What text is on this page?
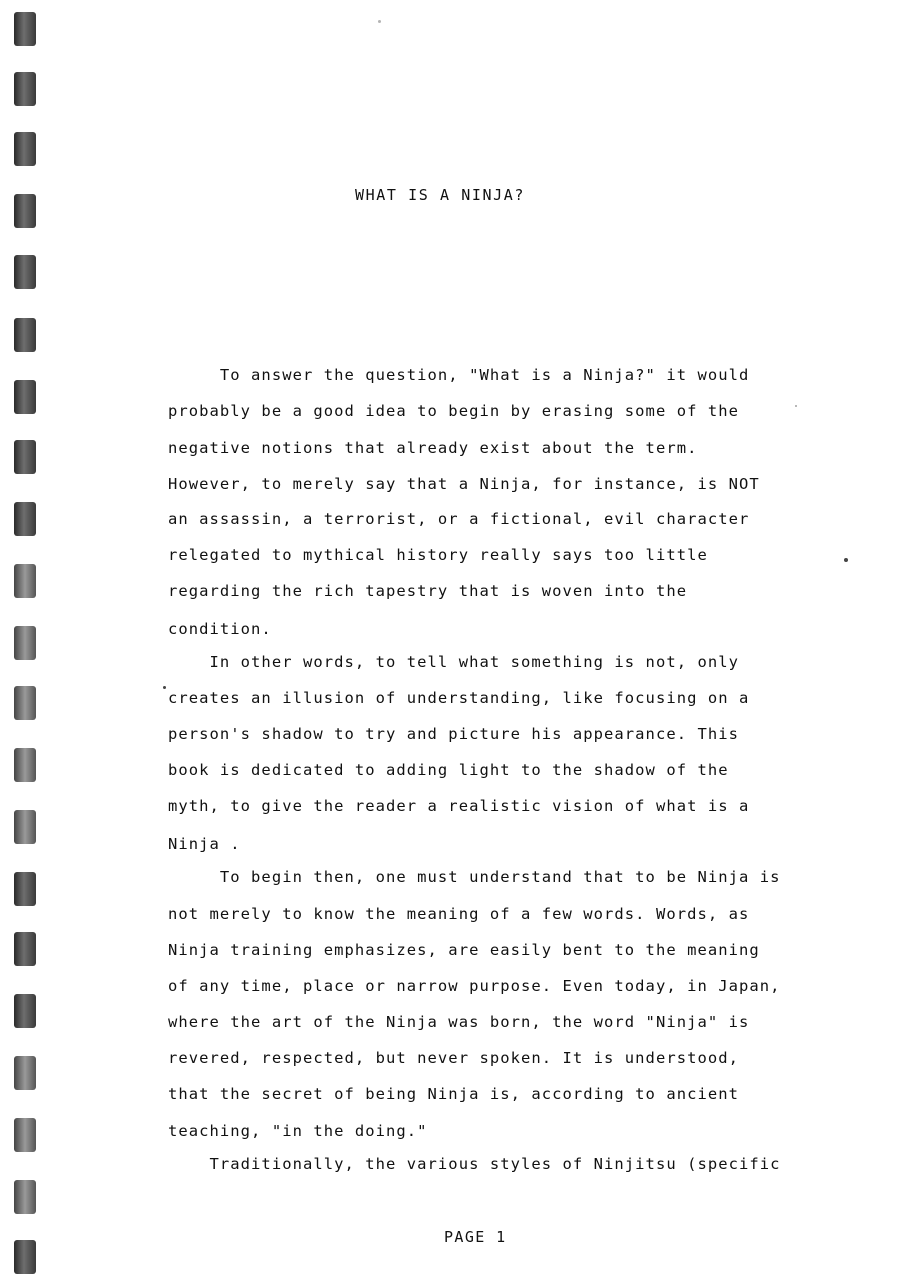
WHAT IS A NINJA?

To answer the question, "What is a Ninja?" it would

probably be a good idea to begin by erasing some of the

negative notions that already exist about the term.

However, to merely say that a Ninja, for instance, is NOT

an assassin, a terrorist, or a fictional, evil character

relegated to mythical history really says too little

regarding the rich tapestry that is woven into the

condition.

In other words, to tell what something is not, only

creates an illusion of understanding, like focusing on a

person's shadow to try and picture his appearance. This

book is dedicated to adding light to the shadow of the

myth, to give the reader a realistic vision of what is a

Ninja .

To begin then, one must understand that to be Ninja is

not merely to know the meaning of a few words. Words, as

Ninja training emphasizes, are easily bent to the meaning

of any time, place or narrow purpose. Even today, in Japan,

where the art of the Ninja was born, the word "Ninja" is

revered, respected, but never spoken. It is understood,

that the secret of being Ninja is, according to ancient

teaching, "in the doing."

Traditionally, the various styles of Ninjitsu (specific

PAGE 1
